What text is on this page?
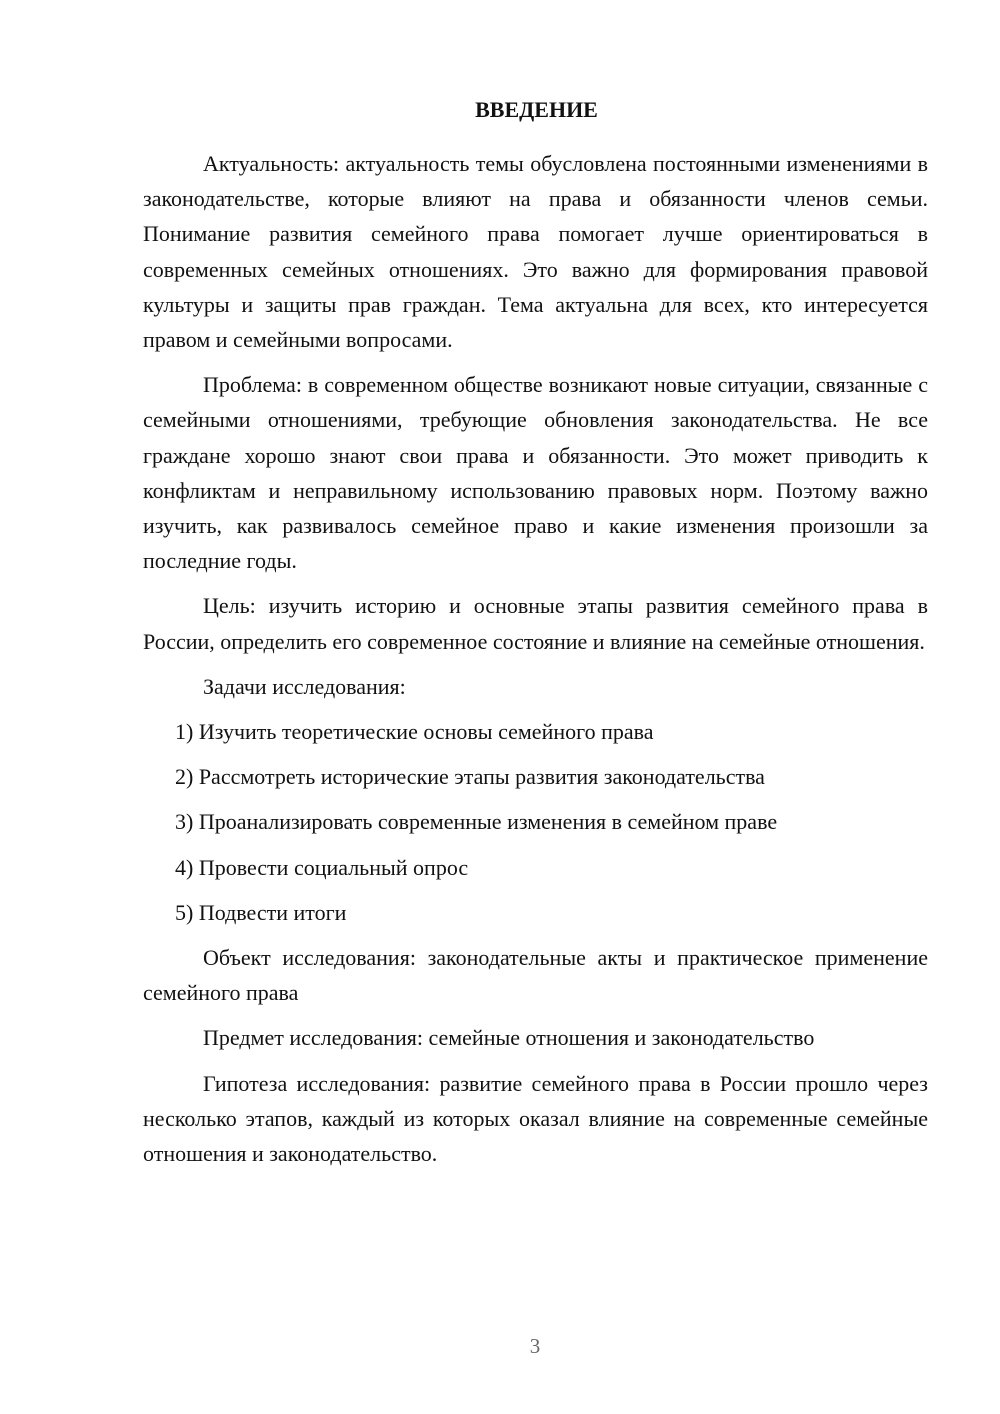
ВВЕДЕНИЕ

Актуальность: актуальность темы обусловлена постоянными изменениями в законодательстве, которые влияют на права и обязанности членов семьи. Понимание развития семейного права помогает лучше ориентироваться в современных семейных отношениях. Это важно для формирования правовой культуры и защиты прав граждан. Тема актуальна для всех, кто интересуется правом и семейными вопросами.

Проблема: в современном обществе возникают новые ситуации, связанные с семейными отношениями, требующие обновления законодательства. Не все граждане хорошо знают свои права и обязанности. Это может приводить к конфликтам и неправильному использованию правовых норм. Поэтому важно изучить, как развивалось семейное право и какие изменения произошли за последние годы.

Цель: изучить историю и основные этапы развития семейного права в России, определить его современное состояние и влияние на семейные отношения.

Задачи исследования:

1) Изучить теоретические основы семейного права

2) Рассмотреть исторические этапы развития законодательства

3) Проанализировать современные изменения в семейном праве

4) Провести социальный опрос

5) Подвести итоги

Объект исследования: законодательные акты и практическое применение семейного права

Предмет исследования: семейные отношения и законодательство

Гипотеза исследования: развитие семейного права в России прошло через несколько этапов, каждый из которых оказал влияние на современные семейные отношения и законодательство.

3
